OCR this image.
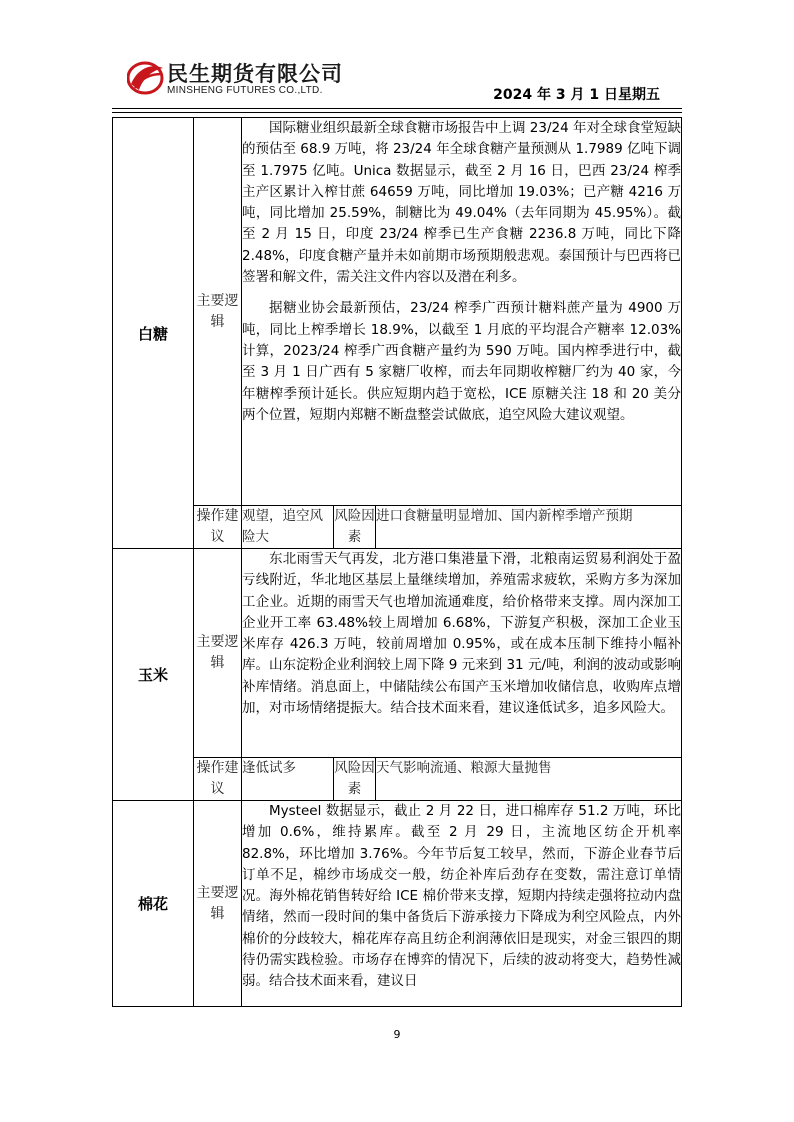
民生期货有限公司
MINSHENG FUTURES CO.,LTD.	2024 年 3 月 1 日星期五
白糖	主要逻辑	国际糖业组织最新全球食糖市场报告中上调 23/24 年对全球食堂短缺的预估至 68.9 万吨，将 23/24 年全球食糖产量预测从 1.7989 亿吨下调至 1.7975 亿吨。Unica 数据显示，截至 2 月 16 日，巴西 23/24 榨季主产区累计入榨甘蔗 64659 万吨，同比增加 19.03%；已产糖 4216 万吨，同比增加 25.59%，制糖比为 49.04%（去年同期为 45.95%）。截至 2 月 15 日，印度 23/24 榨季已生产食糖 2236.8 万吨，同比下降 2.48%，印度食糖产量并未如前期市场预期般悲观。泰国预计与巴西将已签署和解文件，需关注文件内容以及潜在利多。

据糖业协会最新预估，23/24 榨季广西预计糖料蔗产量为 4900 万吨，同比上榨季增长 18.9%，以截至 1 月底的平均混合产糖率 12.03%计算，2023/24 榨季广西食糖产量约为 590 万吨。国内榨季进行中，截至 3 月 1 日广西有 5 家糖厂收榨，而去年同期收榨糖厂约为 40 家，今年糖榨季预计延长。供应短期内趋于宽松，ICE 原糖关注 18 和 20 美分两个位置，短期内郑糖不断盘整尝试做底，追空风险大建议观望。		

	操作建议	观望，追空风险大	风险因素	进口食糖量明显增加、国内新榨季增产预期
玉米	主要逻辑	东北雨雪天气再发，北方港口集港量下滑，北粮南运贸易利润处于盈亏线附近，华北地区基层上量继续增加，养殖需求疲软，采购方多为深加工企业。近期的雨雪天气也增加流通难度，给价格带来支撑。周内深加工企业开工率 63.48%较上周增加 6.68%，下游复产积极，深加工企业玉米库存 426.3 万吨，较前周增加 0.95%，或在成本压制下维持小幅补库。山东淀粉企业利润较上周下降 9 元来到 31 元/吨，利润的波动或影响补库情绪。消息面上，中储陆续公布国产玉米增加收储信息，收购库点增加，对市场情绪提振大。结合技术面来看，建议逢低试多，追多风险大。		

	操作建议	逢低试多	风险因素	天气影响流通、粮源大量抛售
棉花	主要逻辑	Mysteel 数据显示，截止 2 月 22 日，进口棉库存 51.2 万吨，环比增加 0.6%，维持累库。截至 2 月 29 日，主流地区纺企开机率 82.8%，环比增加 3.76%。今年节后复工较早，然而，下游企业春节后订单不足，棉纱市场成交一般，纺企补库后劲存在变数，需注意订单情况。海外棉花销售转好给 ICE 棉价带来支撑，短期内持续走强将拉动内盘情绪，然而一段时间的集中备货后下游承接力下降成为利空风险点，内外棉价的分歧较大，棉花库存高且纺企利润薄依旧是现实，对金三银四的期待仍需实践检验。市场存在博弈的情况下，后续的波动将变大，趋势性减弱。结合技术面来看，建议日		

9
